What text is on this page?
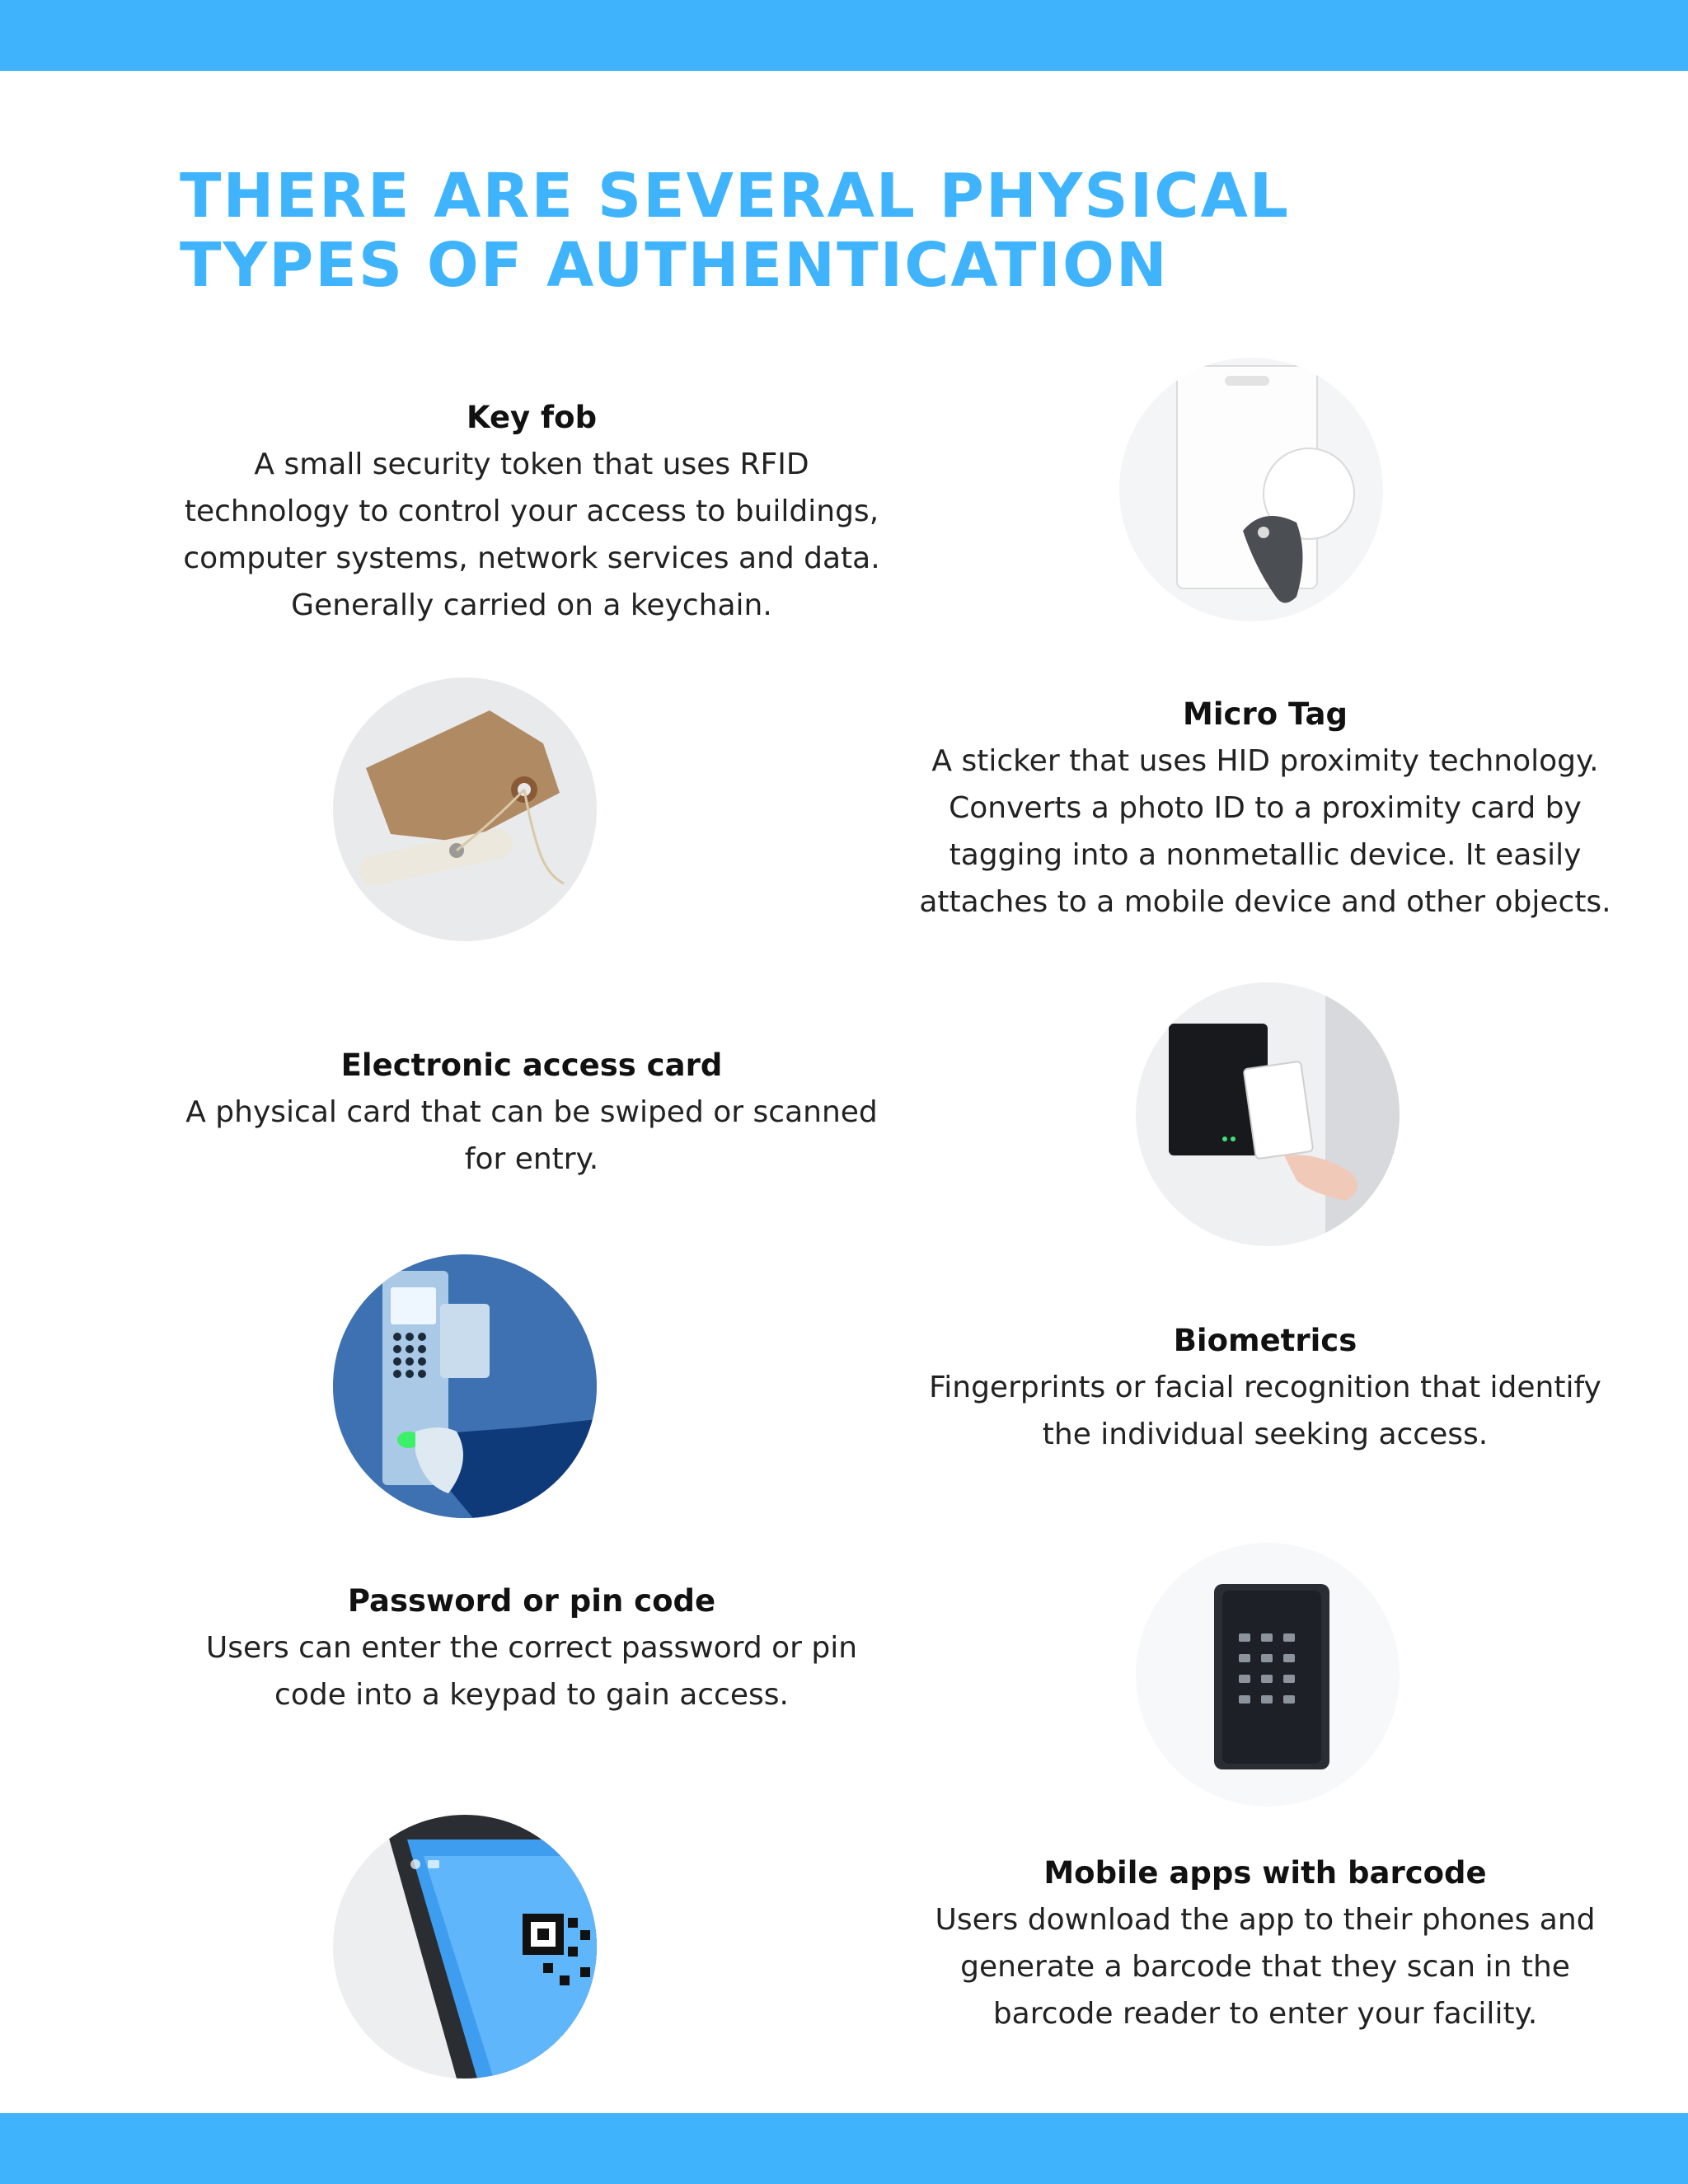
THERE ARE SEVERAL PHYSICAL TYPES OF AUTHENTICATION

Key fob

A small security token that uses RFID technology to control your access to buildings, computer systems, network services and data. Generally carried on a keychain.

Micro Tag

A sticker that uses HID proximity technology. Converts a photo ID to a proximity card by tagging into a nonmetallic device. It easily attaches to a mobile device and other objects.

Electronic access card

A physical card that can be swiped or scanned for entry.

Biometrics

Fingerprints or facial recognition that identify the individual seeking access.

Password or pin code

Users can enter the correct password or pin code into a keypad to gain access.

Mobile apps with barcode

Users download the app to their phones and generate a barcode that they scan in the barcode reader to enter your facility.
